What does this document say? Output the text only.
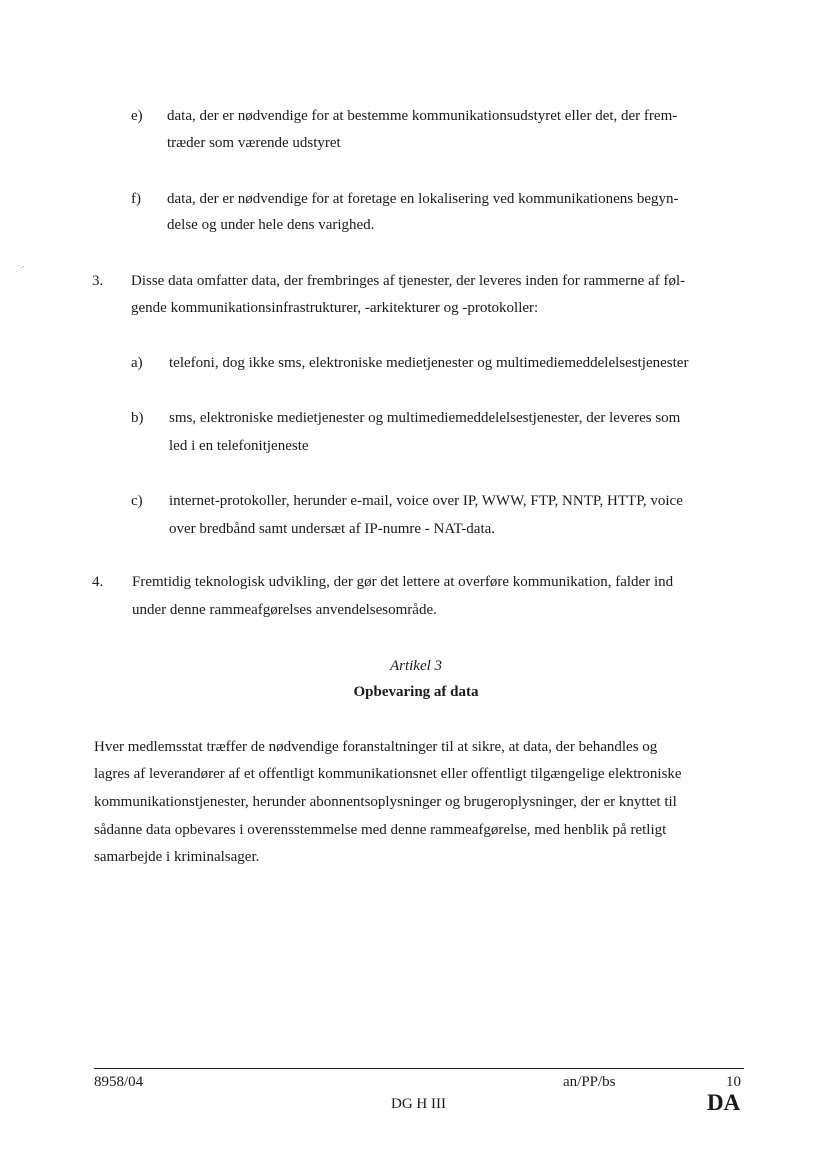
·.-
e) data, der er nødvendige for at bestemme kommunikationsudstyret eller det, der frem-
træder som værende udstyret
f) data, der er nødvendige for at foretage en lokalisering ved kommunikationens begyn-
delse og under hele dens varighed.
3. Disse data omfatter data, der frembringes af tjenester, der leveres inden for rammerne af føl-
gende kommunikationsinfrastrukturer, -arkitekturer og -protokoller:
a) telefoni, dog ikke sms, elektroniske medietjenester og multimediemeddelelsestjenester
b) sms, elektroniske medietjenester og multimediemeddelelsestjenester, der leveres som
led i en telefonitjeneste
c) internet-protokoller, herunder e-mail, voice over IP, WWW, FTP, NNTP, HTTP, voice
over bredbånd samt undersæt af IP-numre - NAT-data.
4. Fremtidig teknologisk udvikling, der gør det lettere at overføre kommunikation, falder ind
under denne rammeafgørelses anvendelsesområde.
Artikel 3
Opbevaring af data
Hver medlemsstat træffer de nødvendige foranstaltninger til at sikre, at data, der behandles og
lagres af leverandører af et offentligt kommunikationsnet eller offentligt tilgængelige elektroniske
kommunikationstjenester, herunder abonnentsoplysninger og brugeroplysninger, der er knyttet til
sådanne data opbevares i overensstemmelse med denne rammeafgørelse, med henblik på retligt
samarbejde i kriminalsager.
8958/04	an/PP/bs	10
DG H III	DA
